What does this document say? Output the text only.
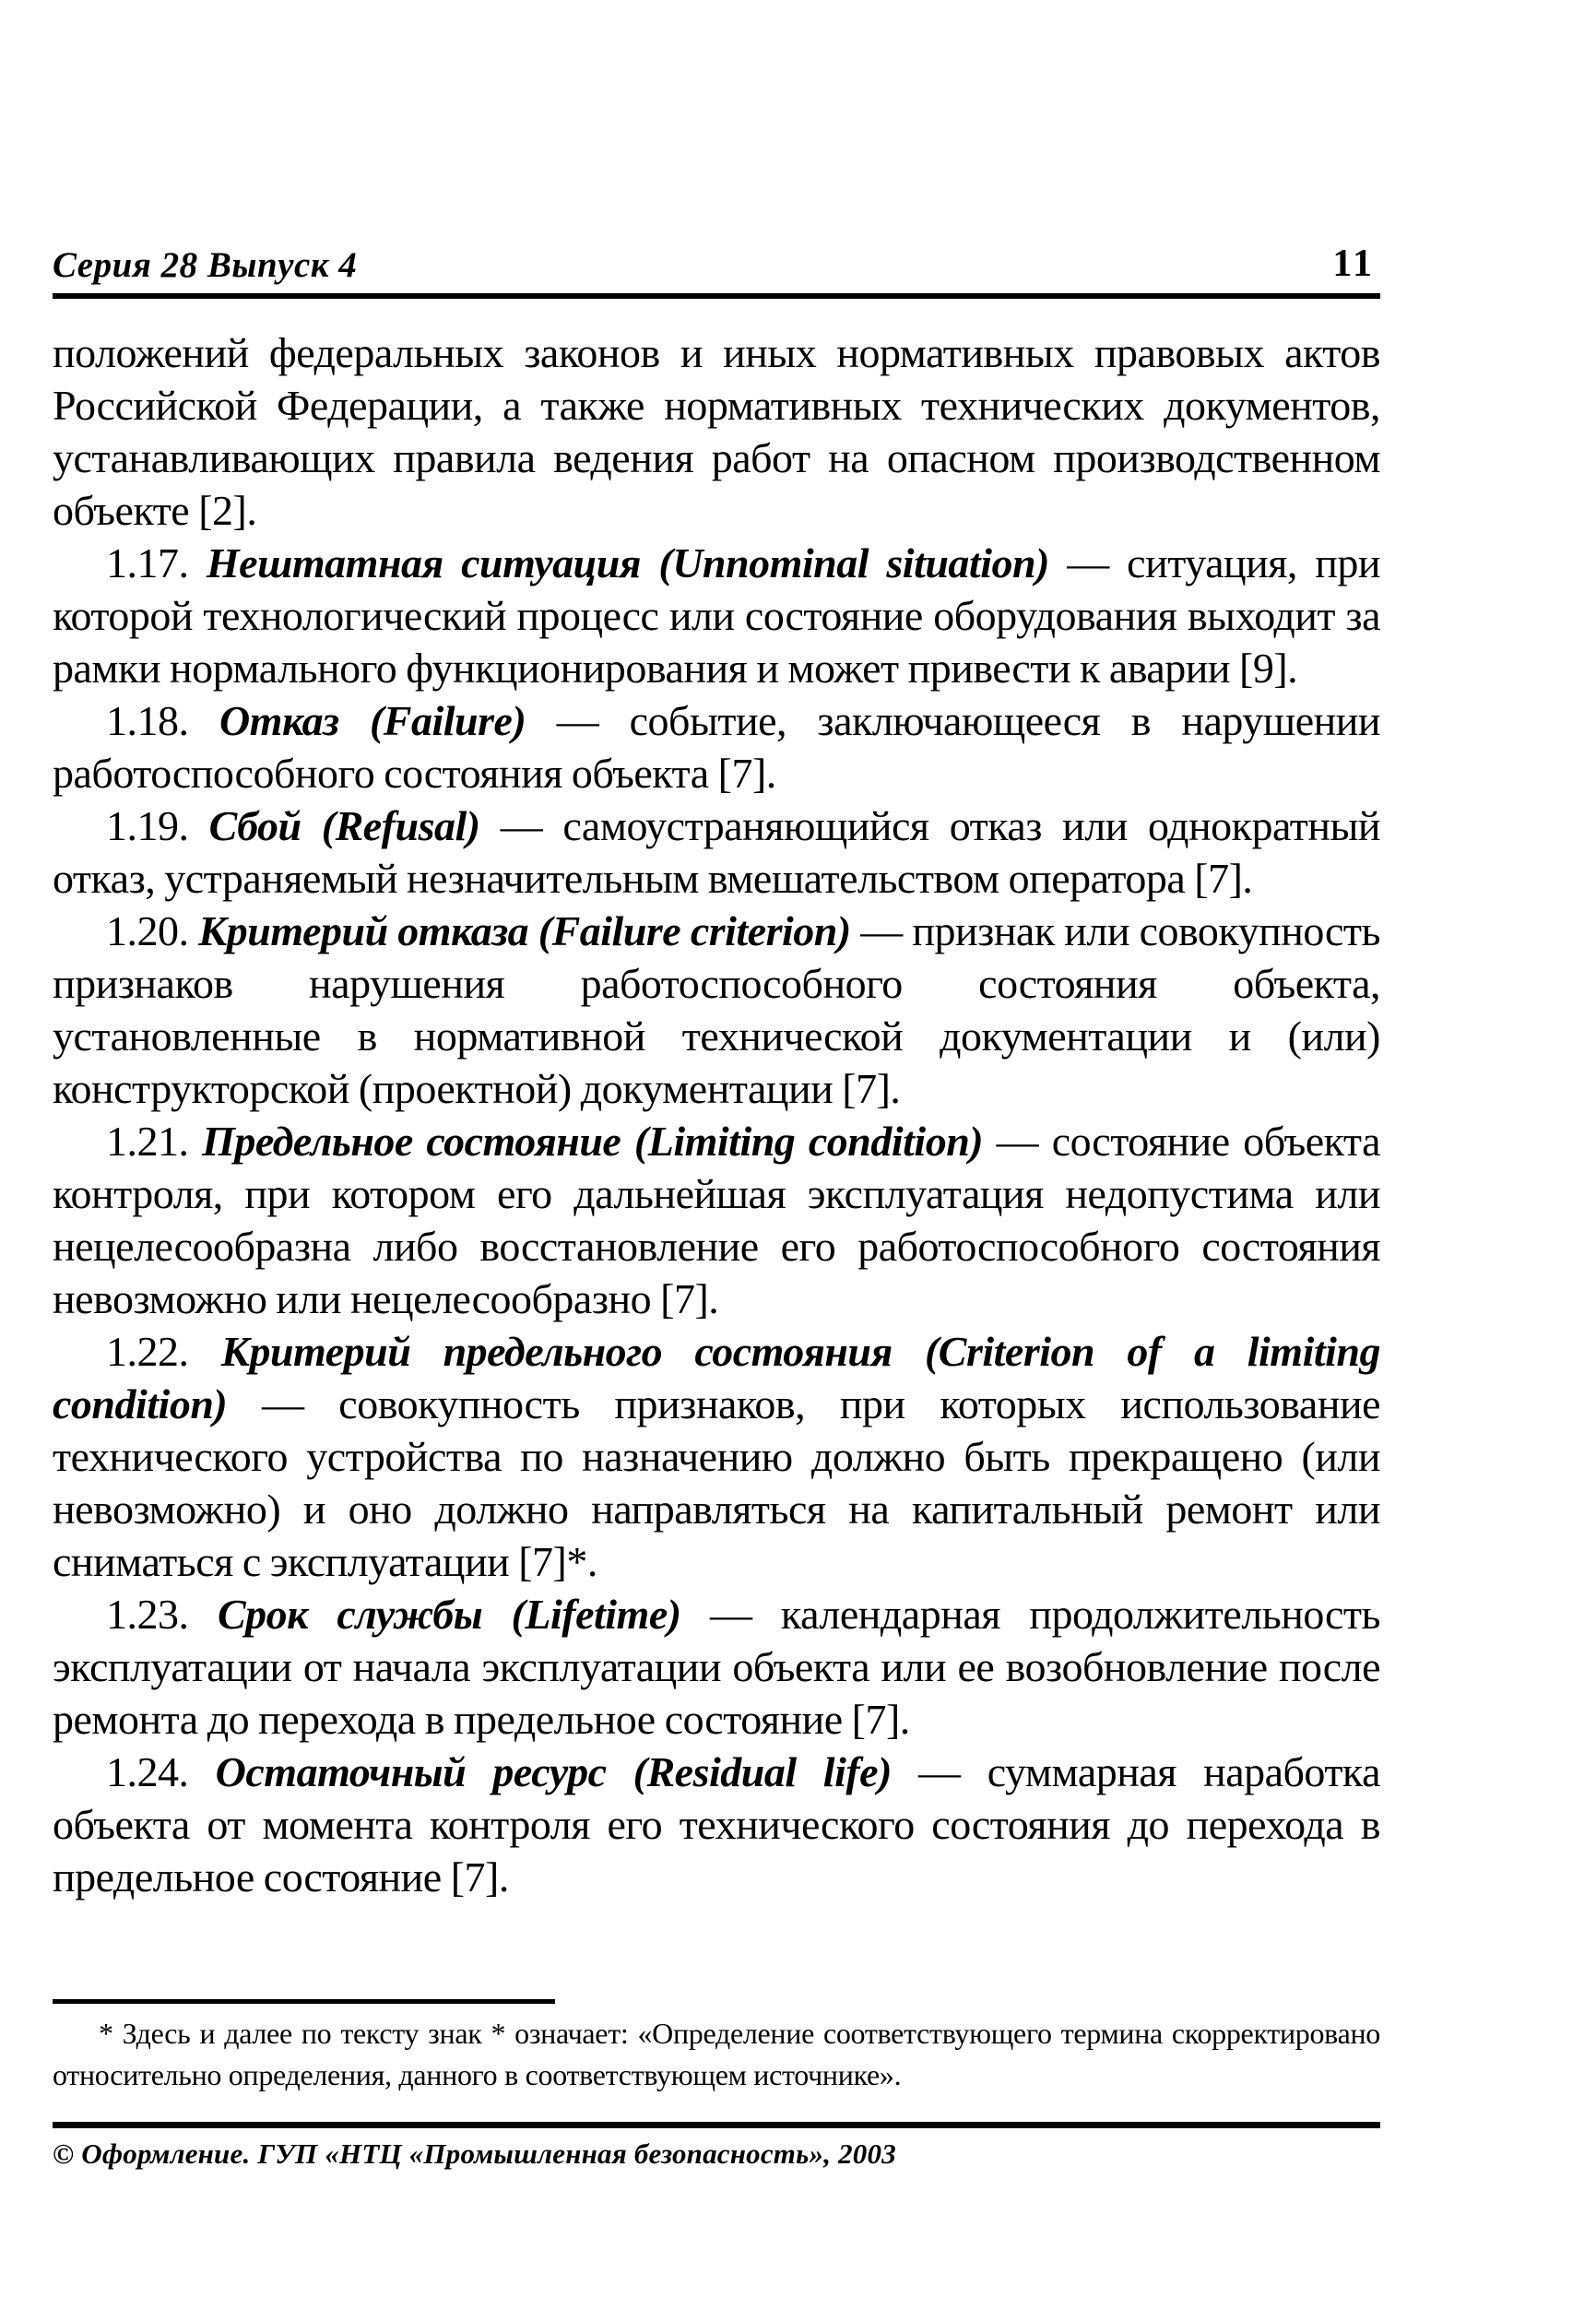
Серия 28 Выпуск 4	11

положений федеральных законов и иных нормативных правовых актов Российской Федерации, а также нормативных технических документов, устанавливающих правила ведения работ на опасном производственном объекте [2].

1.17. Нештатная ситуация (Unnominal situation) — ситуация, при которой технологический процесс или состояние оборудования выходит за рамки нормального функционирования и может привести к аварии [9].

1.18. Отказ (Failure) — событие, заключающееся в нарушении работоспособного состояния объекта [7].

1.19. Сбой (Refusal) — самоустраняющийся отказ или однократный отказ, устраняемый незначительным вмешательством оператора [7].

1.20. Критерий отказа (Failure criterion) — признак или совокупность признаков нарушения работоспособного состояния объекта, установленные в нормативной технической документации и (или) конструкторской (проектной) документации [7].

1.21. Предельное состояние (Limiting condition) — состояние объекта контроля, при котором его дальнейшая эксплуатация недопустима или нецелесообразна либо восстановление его работоспособного состояния невозможно или нецелесообразно [7].

1.22. Критерий предельного состояния (Criterion of a limiting condition) — совокупность признаков, при которых использование технического устройства по назначению должно быть прекращено (или невозможно) и оно должно направляться на капитальный ремонт или сниматься с эксплуатации [7]*.

1.23. Срок службы (Lifetime) — календарная продолжительность эксплуатации от начала эксплуатации объекта или ее возобновление после ремонта до перехода в предельное состояние [7].

1.24. Остаточный ресурс (Residual life) — суммарная наработка объекта от момента контроля его технического состояния до перехода в предельное состояние [7].

* Здесь и далее по тексту знак * означает: «Определение соответствующего термина скорректировано относительно определения, данного в соответствующем источнике».

© Оформление. ГУП «НТЦ «Промышленная безопасность», 2003
